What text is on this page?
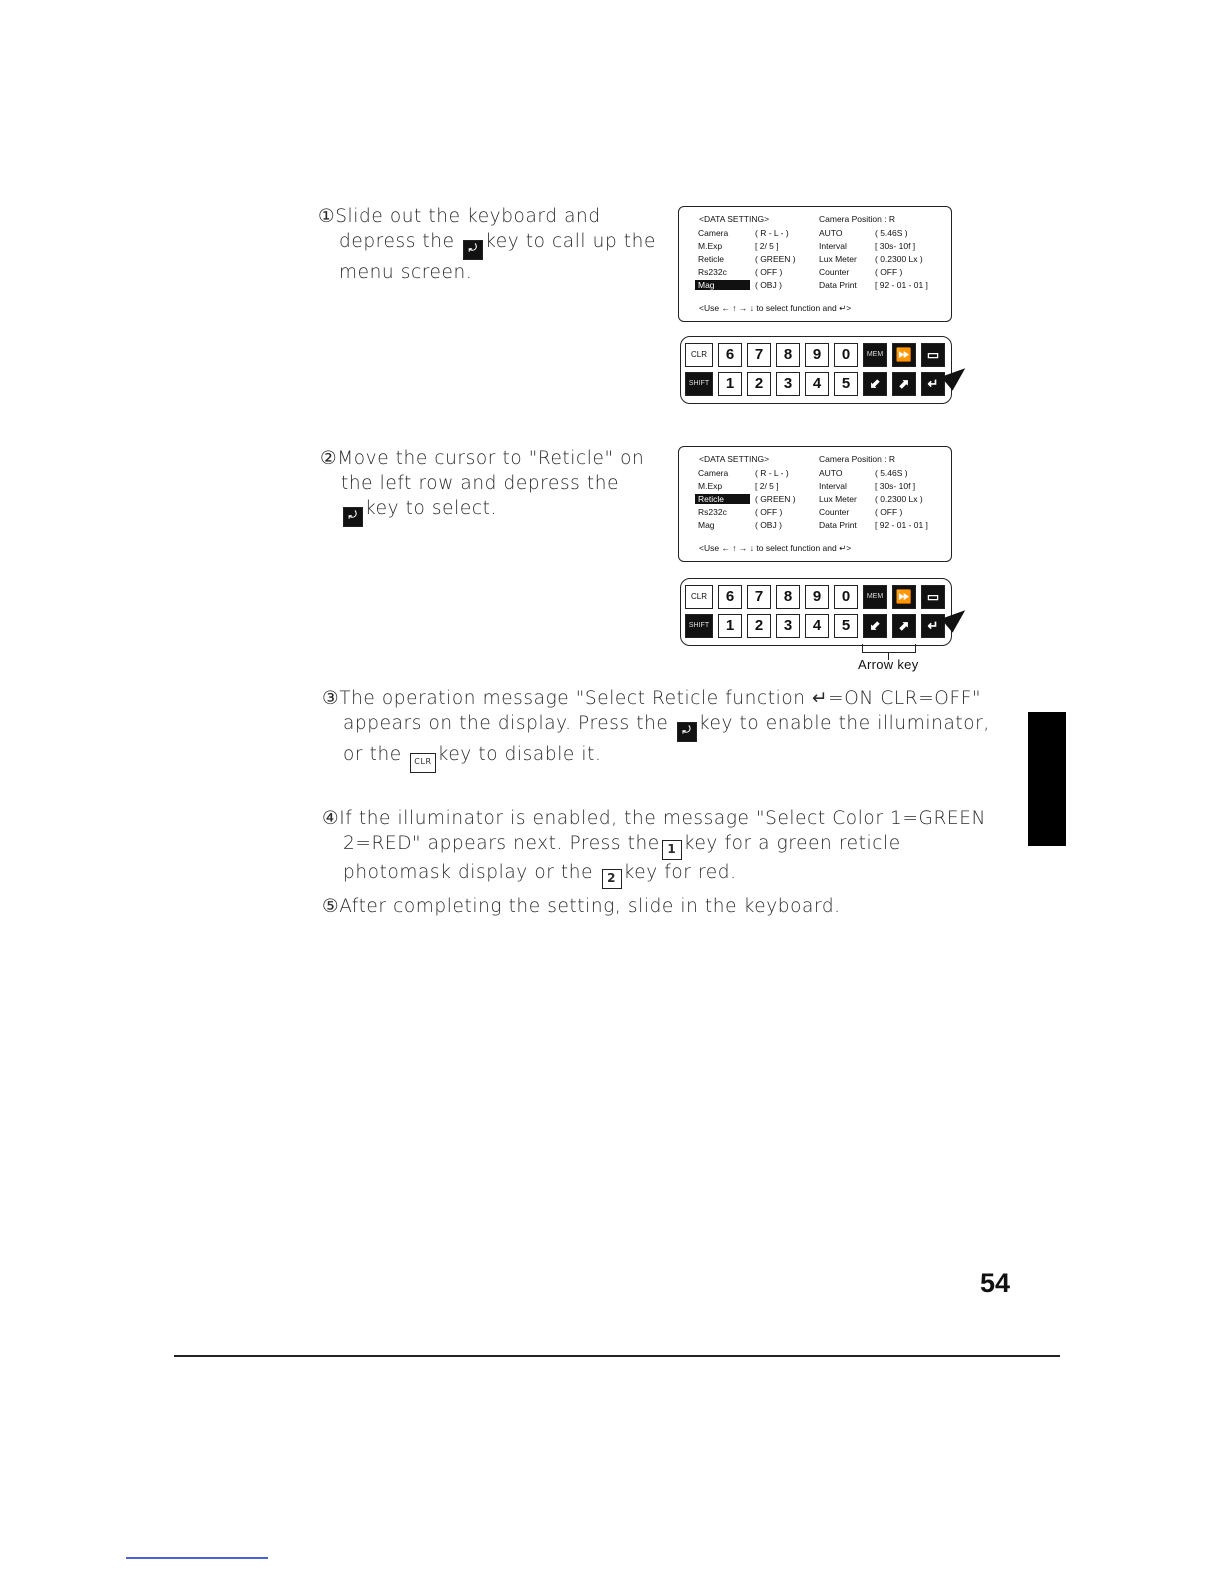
①Slide out the keyboard and
depress the ⤾ key to call up the
menu screen.
<DATA SETTING>	Camera Position : R
Camera	( R - L - )	AUTO	( 5.46S )
M.Exp	[ 2/ 5 ]	Interval	[ 30s- 10f ]
Reticle	( GREEN )	Lux Meter ( 0.2300 Lx )
Rs232c	( OFF )	Counter	( OFF )
Mag	( OBJ )	Data Print [ 92 - 01 - 01 ]
<Use ← ↑ → ↓ to select function and ↵>
CLR	6	7	8	9	0	MEM ⏩	▭
SHIFT	1	2	3	4	5	⬋	⬈	↵
②Move the cursor to "Reticle" on
the left row and depress the
⤾ key to select.
<DATA SETTING>	Camera Position : R
Camera	( R - L - )	AUTO	( 5.46S )
M.Exp	[ 2/ 5 ]	Interval	[ 30s- 10f ]
Reticle	( GREEN )	Lux Meter ( 0.2300 Lx )
Rs232c	( OFF )	Counter	( OFF )
Mag	( OBJ )	Data Print [ 92 - 01 - 01 ]
<Use ← ↑ → ↓ to select function and ↵>
CLR	6	7	8	9	0	MEM ⏩	▭
SHIFT	1	2	3	4	5	⬋	⬈	↵
Arrow key
③The operation message "Select Reticle function ↵=ON CLR=OFF"
appears on the display. Press the ⤾ key to enable the illuminator,
or the CLR key to disable it.
④If the illuminator is enabled, the message "Select Color 1=GREEN
2=RED" appears next. Press the 1 key for a green reticle
photomask display or the 2 key for red.
⑤After completing the setting, slide in the keyboard.
54
